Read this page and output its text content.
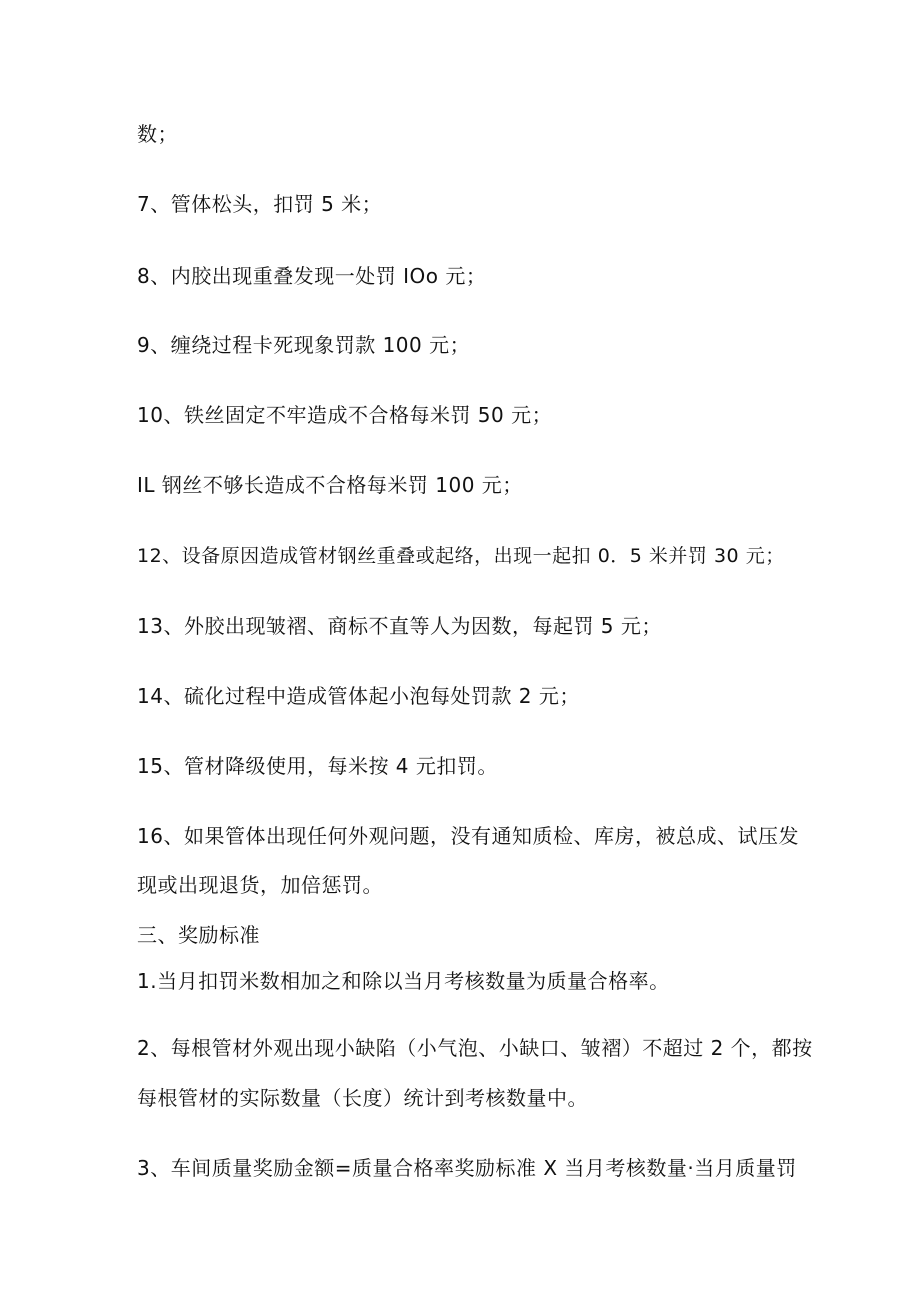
数；
7、管体松头，扣罚 5 米；
8、内胶出现重叠发现一处罚 IOo 元；
9、缠绕过程卡死现象罚款 100 元；
10、铁丝固定不牢造成不合格每米罚 50 元；
IL 钢丝不够长造成不合格每米罚 100 元；
12、设备原因造成管材钢丝重叠或起络，出现一起扣 0．5 米并罚 30 元；
13、外胶出现皱褶、商标不直等人为因数，每起罚 5 元；
14、硫化过程中造成管体起小泡每处罚款 2 元；
15、管材降级使用，每米按 4 元扣罚。
16、如果管体出现任何外观问题，没有通知质检、库房，被总成、试压发
现或出现退货，加倍惩罚。
三、奖励标准
1.当月扣罚米数相加之和除以当月考核数量为质量合格率。
2、每根管材外观出现小缺陷（小气泡、小缺口、皱褶）不超过 2 个，都按
每根管材的实际数量（长度）统计到考核数量中。
3、车间质量奖励金额=质量合格率奖励标准 X 当月考核数量·当月质量罚
